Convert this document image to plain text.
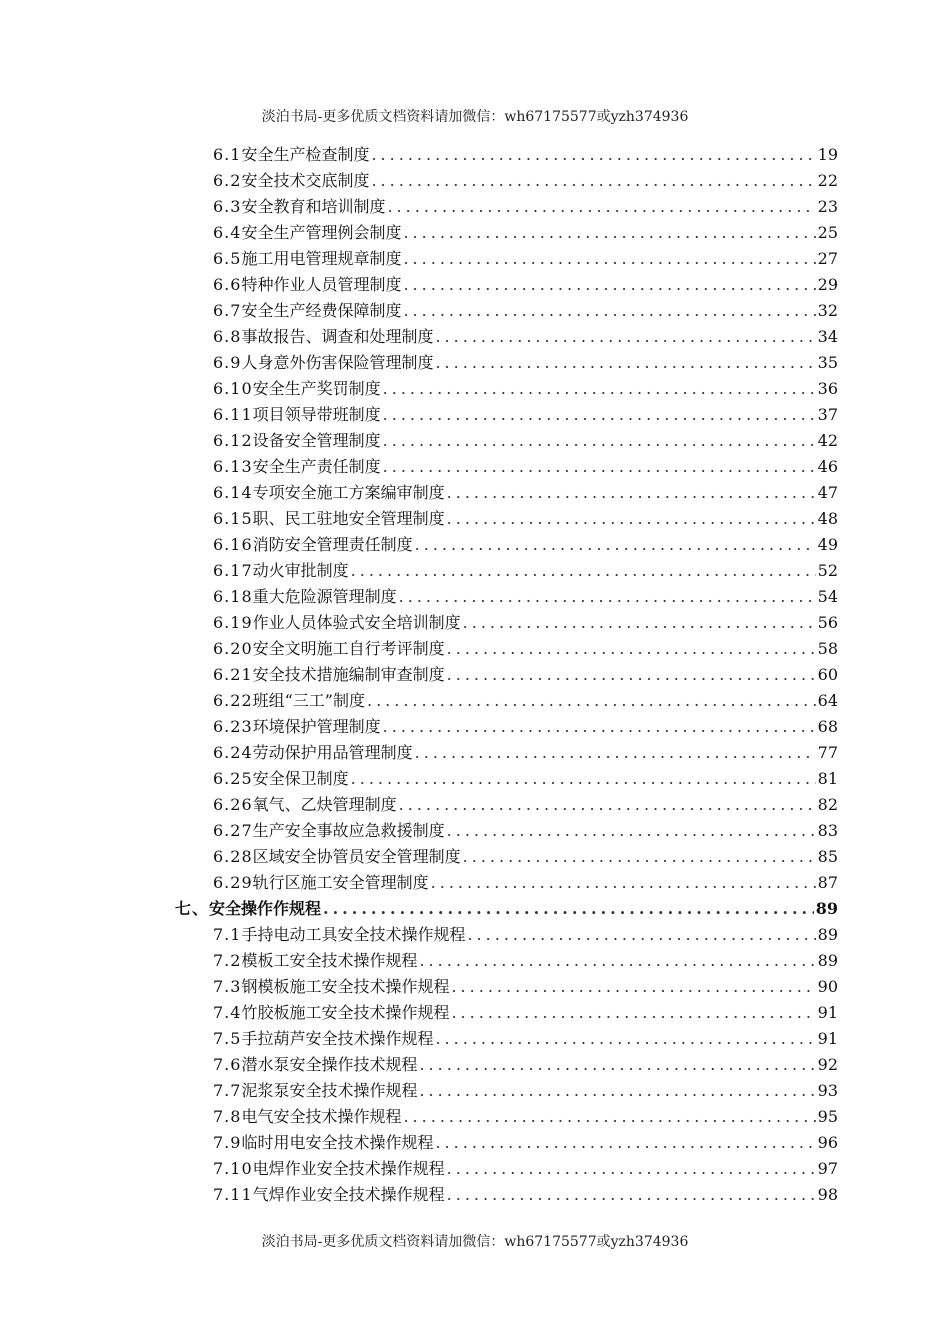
淡泊书局-更多优质文档资料请加微信：wh67175577或yzh374936
6.1 安全生产检查制度 .....	19
6.2 安全技术交底制度 .....	22
6.3 安全教育和培训制度 .....	23
6.4 安全生产管理例会制度 .....	25
6.5 施工用电管理规章制度 .....	27
6.6 特种作业人员管理制度 .....	29
6.7 安全生产经费保障制度 .....	32
6.8 事故报告、调查和处理制度 .....	34
6.9 人身意外伤害保险管理制度 .....	35
6.10 安全生产奖罚制度 .....	36
6.11 项目领导带班制度 .....	37
6.12 设备安全管理制度 .....	42
6.13 安全生产责任制度 .....	46
6.14 专项安全施工方案编审制度 .....	47
6.15 职、民工驻地安全管理制度 .....	48
6.16 消防安全管理责任制度 .....	49
6.17 动火审批制度 .....	52
6.18 重大危险源管理制度 .....	54
6.19 作业人员体验式安全培训制度 .....	56
6.20 安全文明施工自行考评制度 .....	58
6.21 安全技术措施编制审查制度 .....	60
6.22 班组“三工”制度 .....	64
6.23 环境保护管理制度 .....	68
6.24 劳动保护用品管理制度 .....	77
6.25 安全保卫制度 .....	81
6.26 氧气、乙炔管理制度 .....	82
6.27 生产安全事故应急救援制度 .....	83
6.28 区域安全协管员安全管理制度 .....	85
6.29 轨行区施工安全管理制度 .....	87
七、 安全操作作规程 .....	89
7.1 手持电动工具安全技术操作规程 .....	89
7.2 模板工安全技术操作规程 .....	89
7.3 钢模板施工安全技术操作规程 .....	90
7.4 竹胶板施工安全技术操作规程 .....	91
7.5 手拉葫芦安全技术操作规程 .....	91
7.6 潜水泵安全操作技术规程 .....	92
7.7 泥浆泵安全技术操作规程 .....	93
7.8 电气安全技术操作规程 .....	95
7.9 临时用电安全技术操作规程 .....	96
7.10 电焊作业安全技术操作规程 .....	97
7.11 气焊作业安全技术操作规程 .....	98
淡泊书局-更多优质文档资料请加微信：wh67175577或yzh374936
